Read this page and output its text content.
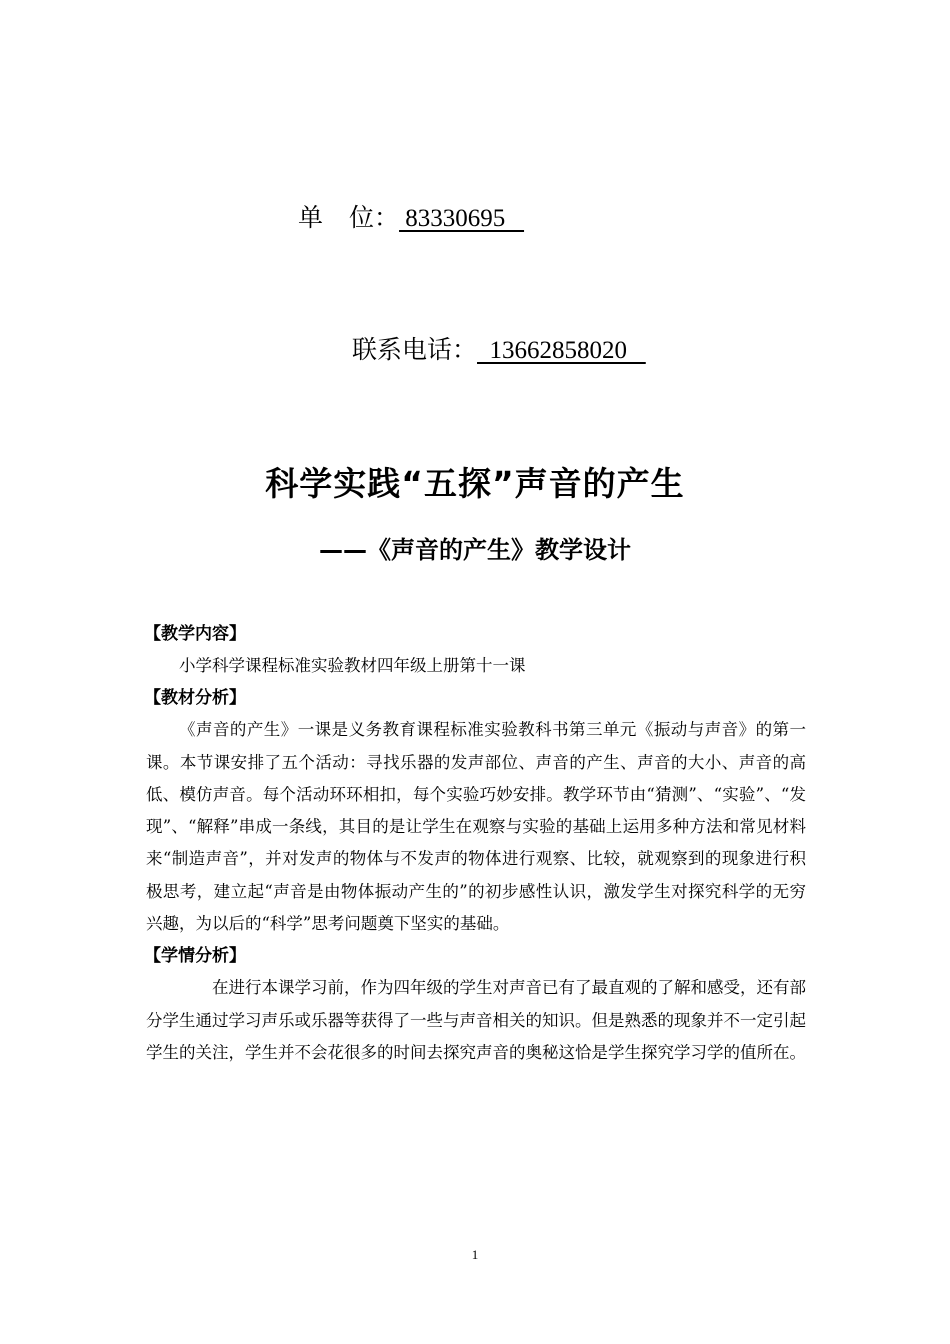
单位： 83330695
联系电话：  13662858020
科学实践“五探”声音的产生
——《声音的产生》教学设计
【教学内容】

小学科学课程标准实验教材四年级上册第十一课

【教材分析】

《声音的产生》一课是义务教育课程标准实验教科书第三单元《振动与声音》的第一课。本节课安排了五个活动：寻找乐器的发声部位、声音的产生、声音的大小、声音的高低、模仿声音。每个活动环环相扣，每个实验巧妙安排。教学环节由“猜测”、“实验”、“发现”、“解释”串成一条线，其目的是让学生在观察与实验的基础上运用多种方法和常见材料来“制造声音”，并对发声的物体与不发声的物体进行观察、比较，就观察到的现象进行积极思考，建立起“声音是由物体振动产生的”的初步感性认识，激发学生对探究科学的无穷兴趣，为以后的“科学”思考问题奠下坚实的基础。

【学情分析】

在进行本课学习前，作为四年级的学生对声音已有了最直观的了解和感受，还有部分学生通过学习声乐或乐器等获得了一些与声音相关的知识。但是熟悉的现象并不一定引起学生的关注，学生并不会花很多的时间去探究声音的奥秘这恰是学生探究学习学的值所在。

1
